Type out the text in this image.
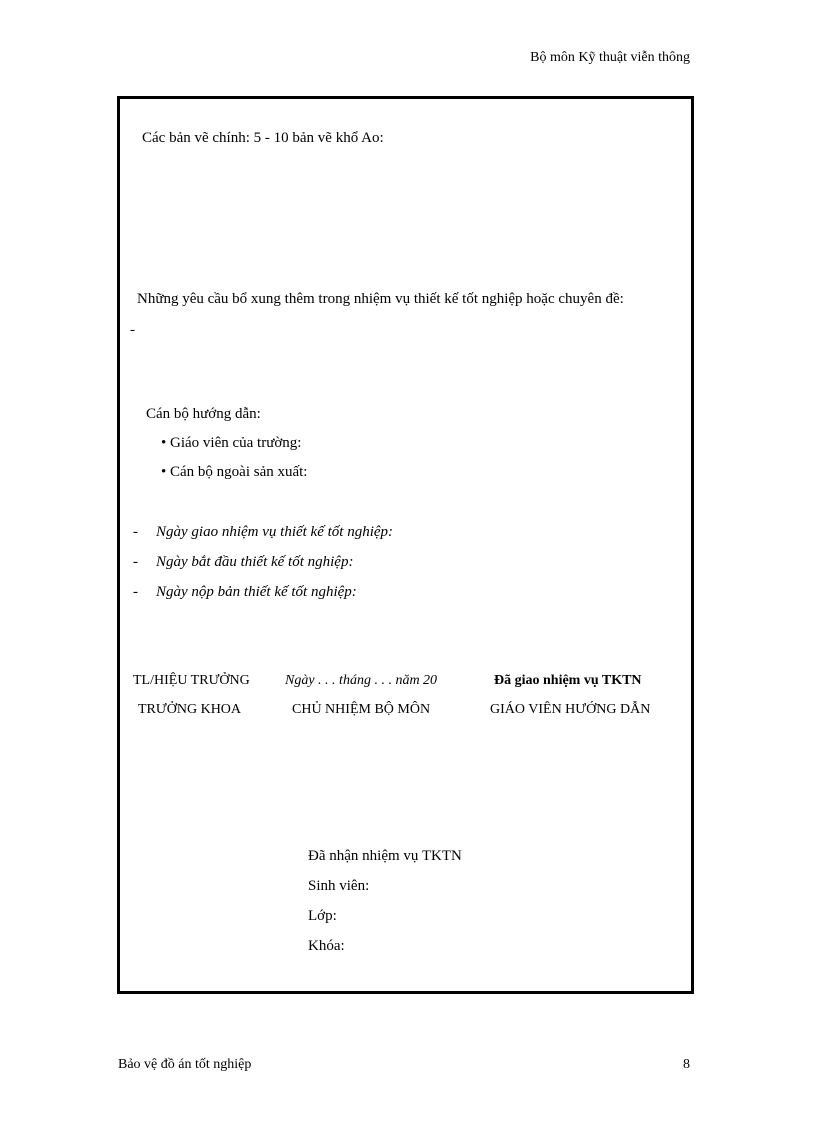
Bộ môn Kỹ thuật viễn thông
Các bản vẽ chính: 5 - 10 bản vẽ khổ Ao:
Những yêu cầu bổ xung thêm trong nhiệm vụ thiết kế tốt nghiệp hoặc chuyên đề:
-
Cán bộ hướng dẫn:
• Giáo viên của trường:
• Cán bộ ngoài sản xuất:
- Ngày giao nhiệm vụ thiết kế tốt nghiệp:
- Ngày bắt đầu thiết kế tốt nghiệp:
- Ngày nộp bản thiết kế tốt nghiệp:
TL/HIỆU TRƯỞNG
TRƯỞNG KHOA
Ngày . . . tháng . . . năm 20
CHỦ NHIỆM BỘ MÔN
Đã giao nhiệm vụ TKTN
GIÁO VIÊN HƯỚNG DẪN
Đã nhận nhiệm vụ TKTN
Sinh viên:
Lớp:
Khóa:
Bảo vệ đồ án tốt nghiệp	8
